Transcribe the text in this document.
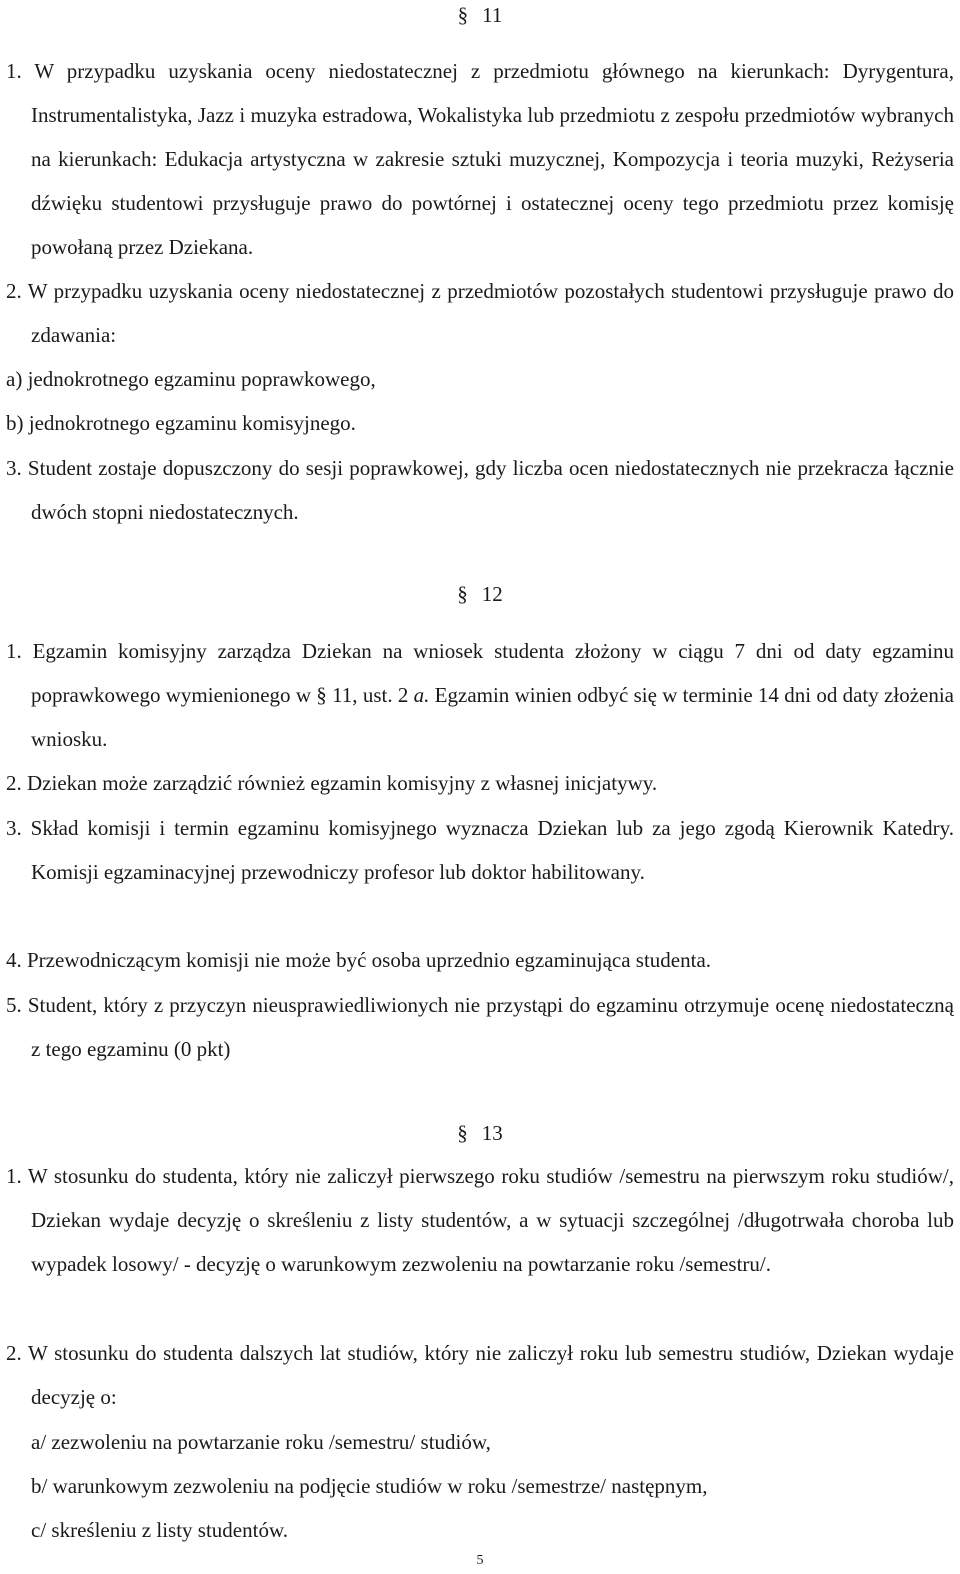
§ 11

1. W przypadku uzyskania oceny niedostatecznej z przedmiotu głównego na kierunkach: Dyrygentura, Instrumentalistyka, Jazz i muzyka estradowa, Wokalistyka lub przedmiotu z zespołu przedmiotów wybranych na kierunkach: Edukacja artystyczna w zakresie sztuki muzycznej, Kompozycja i teoria muzyki, Reżyseria dźwięku studentowi przysługuje prawo do powtórnej i ostatecznej oceny tego przedmiotu przez komisję powołaną przez Dziekana.

2. W przypadku uzyskania oceny niedostatecznej z przedmiotów pozostałych studentowi przysługuje prawo do zdawania:

a) jednokrotnego egzaminu poprawkowego,

b) jednokrotnego egzaminu komisyjnego.

3. Student zostaje dopuszczony do sesji poprawkowej, gdy liczba ocen niedostatecznych nie przekracza łącznie dwóch stopni niedostatecznych.

§ 12

1. Egzamin komisyjny zarządza Dziekan na wniosek studenta złożony w ciągu 7 dni od daty egzaminu poprawkowego wymienionego w § 11, ust. 2 a. Egzamin winien odbyć się w terminie 14 dni od daty złożenia wniosku.

2. Dziekan może zarządzić również egzamin komisyjny z własnej inicjatywy.

3. Skład komisji i termin egzaminu komisyjnego wyznacza Dziekan lub za jego zgodą Kierownik Katedry. Komisji egzaminacyjnej przewodniczy profesor lub doktor habilitowany.

4. Przewodniczącym komisji nie może być osoba uprzednio egzaminująca studenta.

5. Student, który z przyczyn nieusprawiedliwionych nie przystąpi do egzaminu otrzymuje ocenę niedostateczną z tego egzaminu (0 pkt)

§ 13

1. W stosunku do studenta, który nie zaliczył pierwszego roku studiów /semestru na pierwszym roku studiów/, Dziekan wydaje decyzję o skreśleniu z listy studentów, a w sytuacji szczególnej /długotrwała choroba lub wypadek losowy/ - decyzję o warunkowym zezwoleniu na powtarzanie roku /semestru/.

2. W stosunku do studenta dalszych lat studiów, który nie zaliczył roku lub semestru studiów, Dziekan wydaje decyzję o:

a/ zezwoleniu na powtarzanie roku /semestru/ studiów,

b/ warunkowym zezwoleniu na podjęcie studiów w roku /semestrze/ następnym,

c/ skreśleniu z listy studentów.

5
